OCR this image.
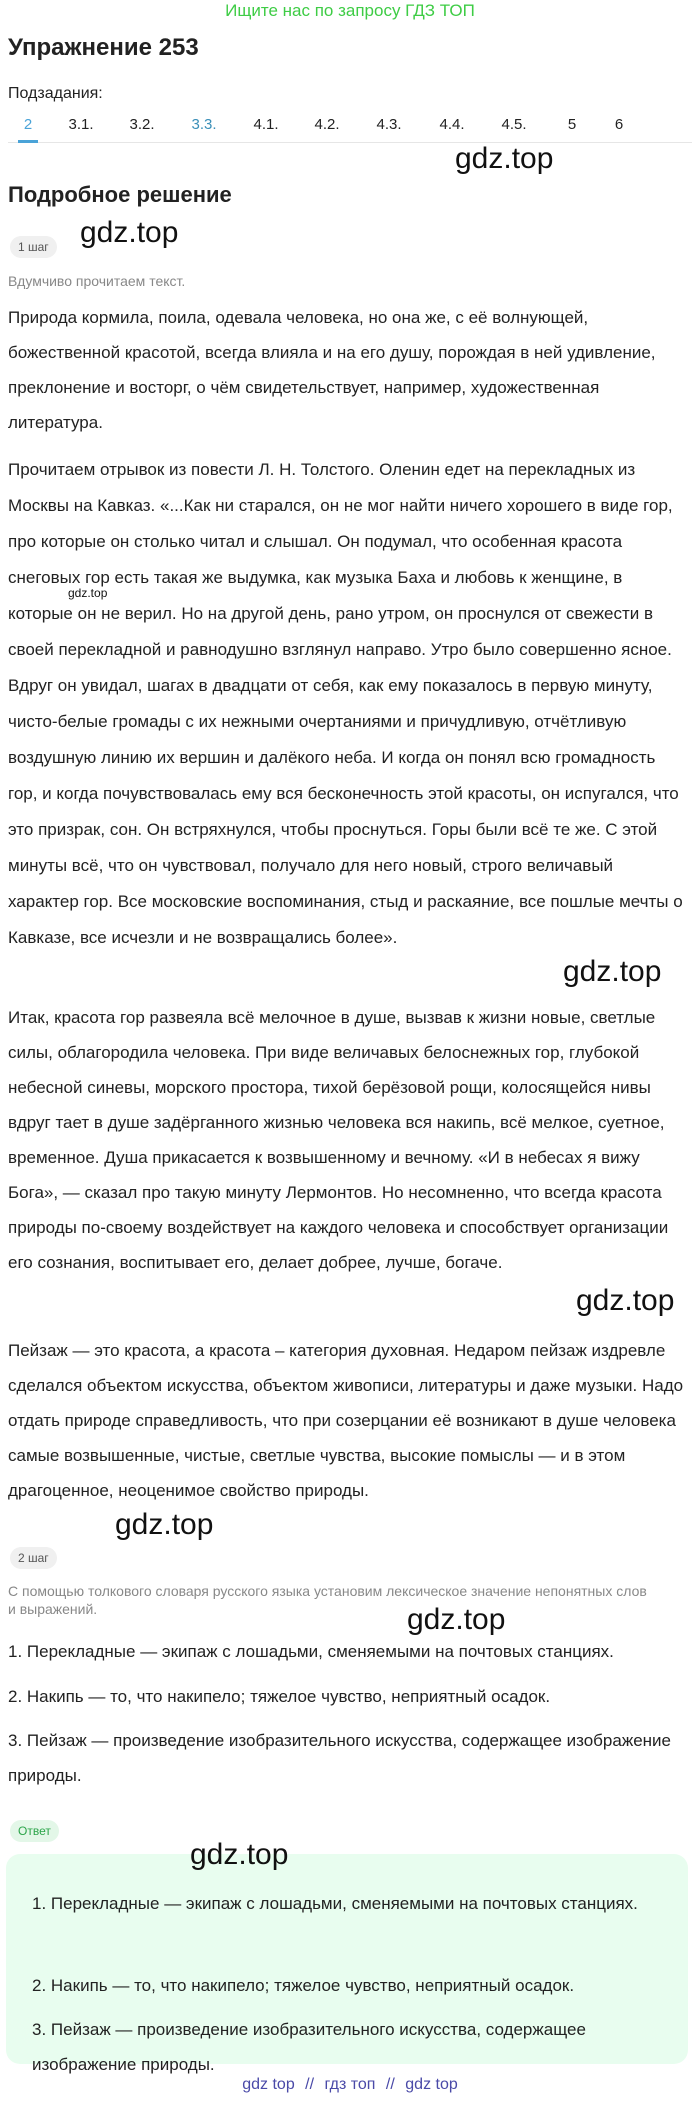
Ищите нас по запросу ГДЗ ТОП
Упражнение 253
Подзадания:
2 3.1. 3.2. 3.3. 4.1. 4.2. 4.3.	4.4. 4.5.	5	6
gdz.top
Подробное решение
1 шаг gdz.top
Вдумчиво прочитаем текст.
Природа кормила, поила, одевала человека, но она же, с её волнующей, божественной красотой, всегда влияла и на его душу, порождая в ней удивление, преклонение и восторг, о чём свидетельствует, например, художественная литература.
Прочитаем отрывок из повести Л. Н. Толстого. Оленин едет на перекладных из Москвы на Кавказ. «...Как ни старался, он не мог найти ничего хорошего в виде гор, про которые он столько читал и слышал. Он подумал, что особенная красота снеговых гор есть такая же выдумка, как музыка Баха и любовь к женщине, в которые он не верил. Но на другой день, рано утром, он проснулся от свежести в своей перекладной и равнодушно взглянул направо. Утро было совершенно ясное. Вдруг он увидал, шагах в двадцати от себя, как ему показалось в первую минуту, чисто-белые громады с их нежными очертаниями и причудливую, отчётливую воздушную линию их вершин и далёкого неба. И когда он понял всю громадность гор, и когда почувствовалась ему вся бесконечность этой красоты, он испугался, что это призрак, сон. Он встряхнулся, чтобы проснуться. Горы были всё те же. С этой минуты всё, что он чувствовал, получало для него новый, строго величавый характер гор. Все московские воспоминания, стыд и раскаяние, все пошлые мечты о Кавказе, все исчезли и не возвращались более».
gdz.top
gdz.top
Итак, красота гор развеяла всё мелочное в душе, вызвав к жизни новые, светлые силы, облагородила человека. При виде величавых белоснежных гор, глубокой небесной синевы, морского простора, тихой берёзовой рощи, колосящейся нивы вдруг тает в душе задёрганного жизнью человека вся накипь, всё мелкое, суетное, временное. Душа прикасается к возвышенному и вечному. «И в небесах я вижу Бога», — сказал про такую минуту Лермонтов. Но несомненно, что всегда красота природы по-своему воздействует на каждого человека и способствует организации его сознания, воспитывает его, делает добрее, лучше, богаче.
gdz.top
Пейзаж — это красота, а красота – категория духовная. Недаром пейзаж издревле сделался объектом искусства, объектом живописи, литературы и даже музыки. Надо отдать природе справедливость, что при созерцании её возникают в душе человека самые возвышенные, чистые, светлые чувства, высокие помыслы — и в этом драгоценное, неоценимое свойство природы.
gdz.top
2 шаг
С помощью толкового словаря русского языка установим лексическое значение непонятных слов и выражений.	gdz.top
1. Перекладные — экипаж с лошадьми, сменяемыми на почтовых станциях.
2. Накипь — то, что накипело; тяжелое чувство, неприятный осадок.
3. Пейзаж — произведение изобразительного искусства, содержащее изображение природы.
Ответ
1. Перекладные — экипаж с лошадьми, сменяемыми на почтовых станциях.
2. Накипь — то, что накипело; тяжелое чувство, неприятный осадок.
3. Пейзаж — произведение изобразительного искусства, содержащее изображение природы.
gdz.top
gdz top // гдз топ // gdz top
